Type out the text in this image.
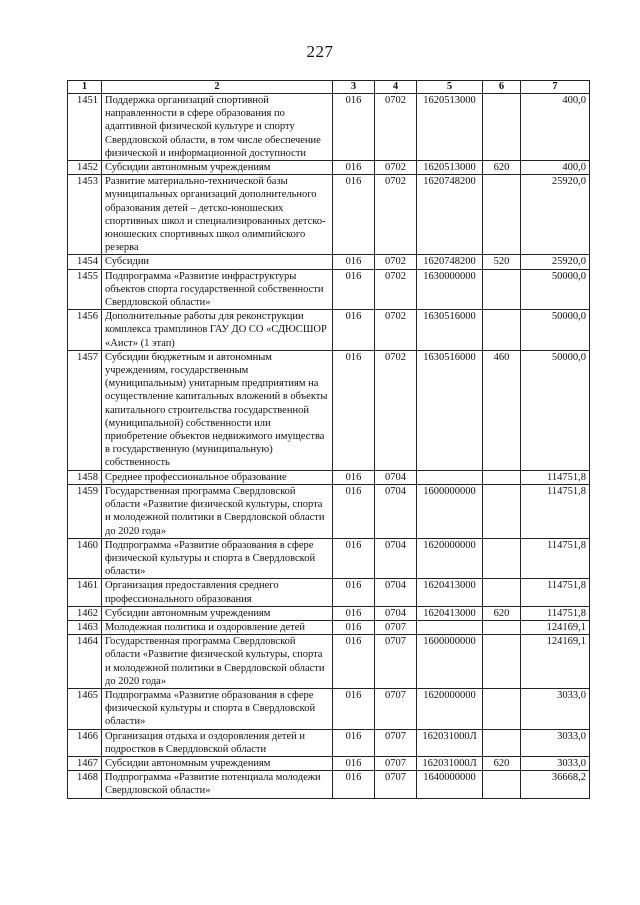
227
1	2	3	4	5	6	7
1451	Поддержка организаций спортивной направленности в сфере образования по адаптивной физической культуре и спорту Свердловской области, в том числе обеспечение физической и информационной доступности	016	0702	1620513000		400,0
1452	Субсидии автономным учреждениям	016	0702	1620513000	620	400,0
1453	Развитие материально-технической базы муниципальных организаций дополнительного образования детей – детско-юношеских спортивных школ и специализированных детско-юношеских спортивных школ олимпийского резерва	016	0702	1620748200		25920,0
1454	Субсидии	016	0702	1620748200	520	25920,0
1455	Подпрограмма «Развитие инфраструктуры объектов спорта государственной собственности Свердловской области»	016	0702	1630000000		50000,0
1456	Дополнительные работы для реконструкции комплекса трамплинов ГАУ ДО СО «СДЮСШОР «Аист» (1 этап)	016	0702	1630516000		50000,0
1457	Субсидии бюджетным и автономным учреждениям, государственным (муниципальным) унитарным предприятиям на осуществление капитальных вложений в объекты капитального строительства государственной (муниципальной) собственности или приобретение объектов недвижимого имущества в государственную (муниципальную) собственность	016	0702	1630516000	460	50000,0
1458	Среднее профессиональное образование	016	0704			114751,8
1459	Государственная программа Свердловской области «Развитие физической культуры, спорта и молодежной политики в Свердловской области до 2020 года»	016	0704	1600000000		114751,8
1460	Подпрограмма «Развитие образования в сфере физической культуры и спорта в Свердловской области»	016	0704	1620000000		114751,8
1461	Организация предоставления среднего профессионального образования	016	0704	1620413000		114751,8
1462	Субсидии автономным учреждениям	016	0704	1620413000	620	114751,8
1463	Молодежная политика и оздоровление детей	016	0707			124169,1
1464	Государственная программа Свердловской области «Развитие физической культуры, спорта и молодежной политики в Свердловской области до 2020 года»	016	0707	1600000000		124169,1
1465	Подпрограмма «Развитие образования в сфере физической культуры и спорта в Свердловской области»	016	0707	1620000000		3033,0
1466	Организация отдыха и оздоровления детей и подростков в Свердловской области	016	0707	162031000Л		3033,0
1467	Субсидии автономным учреждениям	016	0707	162031000Л	620	3033,0
1468	Подпрограмма «Развитие потенциала молодежи Свердловской области»	016	0707	1640000000		36668,2
